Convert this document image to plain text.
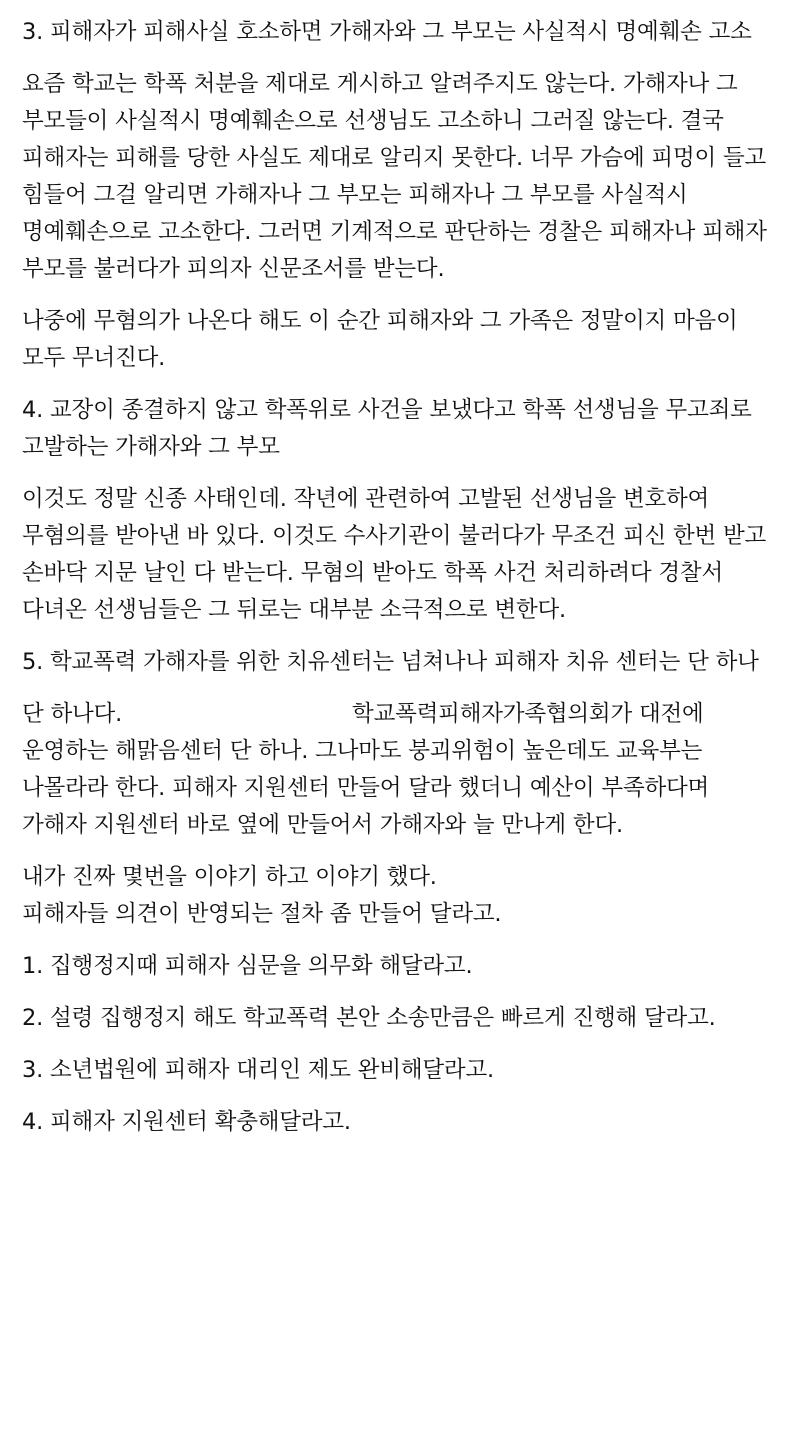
3. 피해자가 피해사실 호소하면 가해자와 그 부모는 사실적시 명예훼손 고소

요즘 학교는 학폭 처분을 제대로 게시하고 알려주지도 않는다. 가해자나 그 부모들이 사실적시 명예훼손으로 선생님도 고소하니 그러질 않는다. 결국 피해자는 피해를 당한 사실도 제대로 알리지 못한다. 너무 가슴에 피멍이 들고 힘들어 그걸 알리면 가해자나 그 부모는 피해자나 그 부모를 사실적시 명예훼손으로 고소한다. 그러면 기계적으로 판단하는 경찰은 피해자나 피해자 부모를 불러다가 피의자 신문조서를 받는다.

나중에 무혐의가 나온다 해도 이 순간 피해자와 그 가족은 정말이지 마음이 모두 무너진다.

4. 교장이 종결하지 않고 학폭위로 사건을 보냈다고 학폭 선생님을 무고죄로 고발하는 가해자와 그 부모

이것도 정말 신종 사태인데. 작년에 관련하여 고발된 선생님을 변호하여 무혐의를 받아낸 바 있다. 이것도 수사기관이 불러다가 무조건 피신 한번 받고 손바닥 지문 날인 다 받는다. 무혐의 받아도 학폭 사건 처리하려다 경찰서 다녀온 선생님들은 그 뒤로는 대부분 소극적으로 변한다.

5. 학교폭력 가해자를 위한 치유센터는 넘쳐나나 피해자 치유 센터는 단 하나

단 하나다.	학교폭력피해자가족협의회가 대전에 운영하는 해맑음센터 단 하나. 그나마도 붕괴위험이 높은데도 교육부는 나몰라라 한다. 피해자 지원센터 만들어 달라 했더니 예산이 부족하다며 가해자 지원센터 바로 옆에 만들어서 가해자와 늘 만나게 한다.

내가 진짜 몇번을 이야기 하고 이야기 했다.
피해자들 의견이 반영되는 절차 좀 만들어 달라고.

1. 집행정지때 피해자 심문을 의무화 해달라고.

2. 설령 집행정지 해도 학교폭력 본안 소송만큼은 빠르게 진행해 달라고.

3. 소년법원에 피해자 대리인 제도 완비해달라고.

4. 피해자 지원센터 확충해달라고.
